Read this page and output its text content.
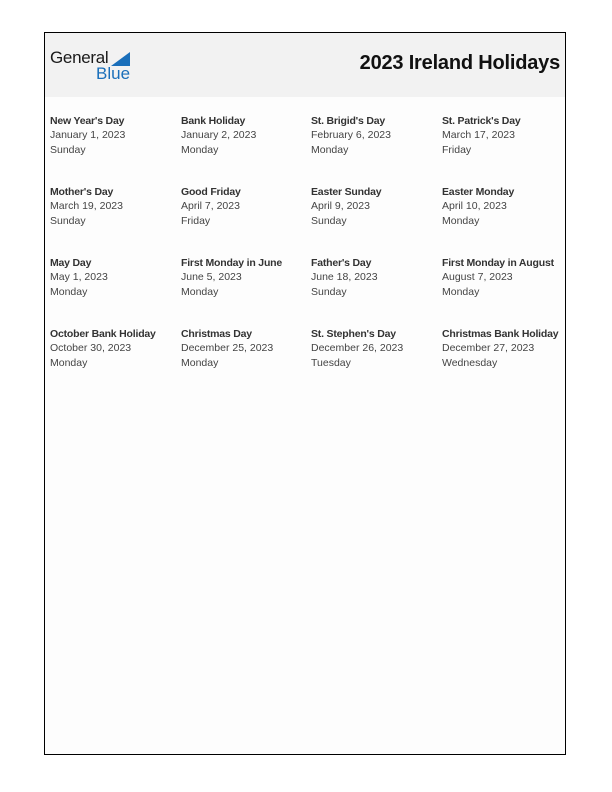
General
Blue	2023 Ireland Holidays
New Year's Day
January 1, 2023
Sunday
Bank Holiday
January 2, 2023
Monday
St. Brigid's Day
February 6, 2023
Monday
St. Patrick's Day
March 17, 2023
Friday
Mother's Day
March 19, 2023
Sunday
Good Friday
April 7, 2023
Friday
Easter Sunday
April 9, 2023
Sunday
Easter Monday
April 10, 2023
Monday
May Day
May 1, 2023
Monday
First Monday in June
June 5, 2023
Monday
Father's Day
June 18, 2023
Sunday
First Monday in August
August 7, 2023
Monday
October Bank Holiday
October 30, 2023
Monday
Christmas Day
December 25, 2023
Monday
St. Stephen's Day
December 26, 2023
Tuesday
Christmas Bank Holiday
December 27, 2023
Wednesday
